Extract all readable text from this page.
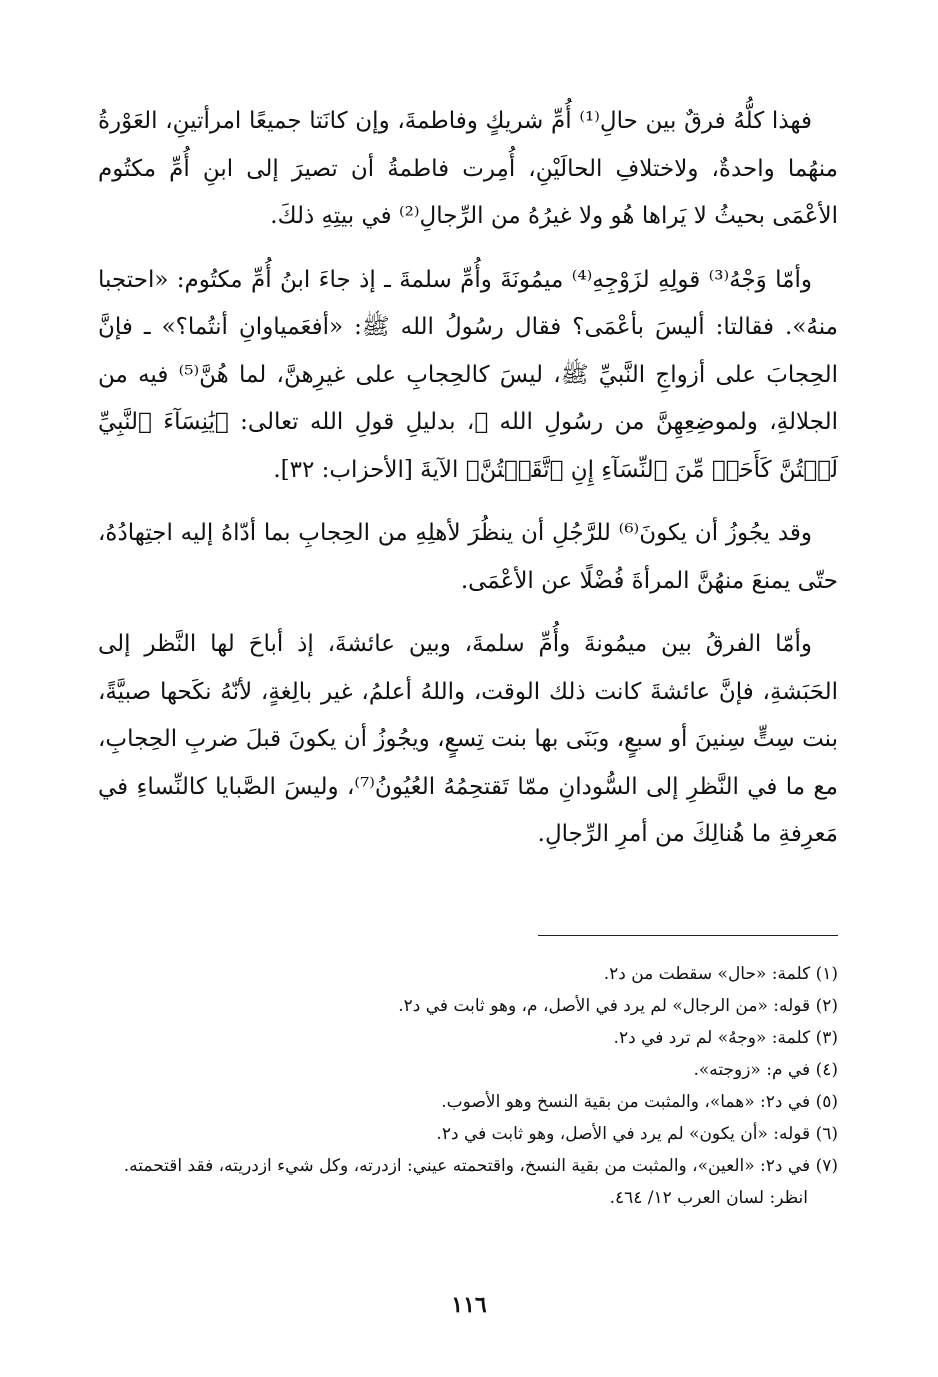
فهذا كلُّهُ فرقٌ بين حالِ⁽¹⁾ أُمِّ شريكٍ وفاطمةَ، وإن كانَتا جميعًا امرأتينِ، العَوْرةُ منهُما واحدةٌ، ولاختلافِ الحالَيْنِ، أُمِرت فاطمةُ أن تصيرَ إلى ابنِ أُمِّ مكتُوم الأعْمَى بحيثُ لا يَراها هُو ولا غيرُهُ من الرِّجالِ⁽²⁾ في بيتِهِ ذلكَ.

وأمّا وَجْهُ⁽³⁾ قولِهِ لزَوْجِهِ⁽⁴⁾ ميمُونَةَ وأُمِّ سلمةَ ـ إذ جاءَ ابنُ أُمِّ مكتُوم: «احتجبا منهُ». فقالتا: أليسَ بأعْمَى؟ فقال رسُولُ الله ﷺ: «أفعَمياوانِ أنتُما؟» ـ فإنَّ الحِجابَ على أزواجِ النَّبيِّ ﷺ، ليسَ كالحِجابِ على غيرِهنَّ، لما هُنَّ⁽⁵⁾ فيه من الجلالةِ، ولموضِعِهِنَّ من رسُولِ الله ﷺ، بدليلِ قولِ الله تعالى: ﴿يَٰنِسَآءَ ٱلنَّبِيِّ لَسۡتُنَّ كَأَحَدٖ مِّنَ ٱلنِّسَآءِ إِنِ ٱتَّقَيۡتُنَّ﴾ الآيةَ [الأحزاب: ٣٢].

وقد يجُوزُ أن يكونَ⁽⁶⁾ للرَّجُلِ أن ينظُرَ لأهلِهِ من الحِجابِ بما أدّاهُ إليه اجتِهادُهُ، حتّى يمنعَ منهُنَّ المرأةَ فُضْلًا عن الأعْمَى.

وأمّا الفرقُ بين ميمُونةَ وأُمِّ سلمةَ، وبين عائشةَ، إذ أباحَ لها النَّظر إلى الحَبَشةِ، فإنَّ عائشةَ كانت ذلك الوقت، واللهُ أعلمُ، غير بالِغةٍ، لأنّهُ نكَحها صبيَّةً، بنت سِتٍّ سِنينَ أو سبعٍ، وبَنَى بها بنت تِسعٍ، ويجُوزُ أن يكونَ قبلَ ضربِ الحِجابِ، مع ما في النَّظرِ إلى السُّودانِ ممّا تَقتحِمُهُ العُيُونُ⁽⁷⁾، وليسَ الصَّبايا كالنِّساءِ في مَعرِفةِ ما هُنالِكَ من أمرِ الرِّجالِ.

(١) كلمة: «حال» سقطت من د٢.

(٢) قوله: «من الرجال» لم يرد في الأصل، م، وهو ثابت في د٢.

(٣) كلمة: «وجهُ» لم ترد في د٢.

(٤) في م: «زوجته».

(٥) في د٢: «هما»، والمثبت من بقية النسخ وهو الأصوب.

(٦) قوله: «أن يكون» لم يرد في الأصل، وهو ثابت في د٢.

(٧) في د٢: «العين»، والمثبت من بقية النسخ، واقتحمته عيني: ازدرته، وكل شيء ازدريته، فقد اقتحمته. انظر: لسان العرب ١٢/ ٤٦٤.

١١٦
